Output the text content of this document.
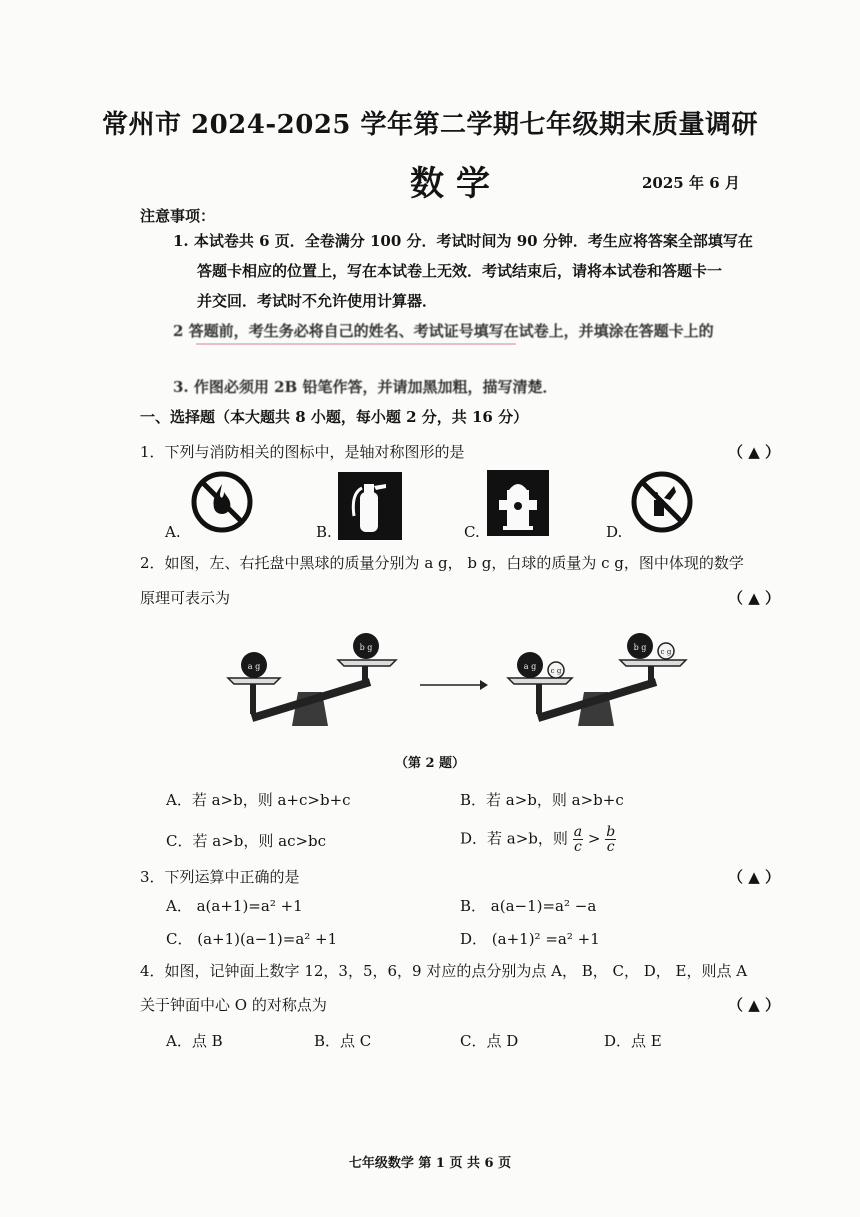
常州市 2024-2025 学年第二学期七年级期末质量调研
数学	2025 年 6 月
注意事项：
1. 本试卷共 6 页．全卷满分 100 分．考试时间为 90 分钟．考生应将答案全部填写在
答题卡相应的位置上，写在本试卷上无效．考试结束后，请将本试卷和答题卡一
并交回．考试时不允许使用计算器．
2 答题前，考生务必将自己的姓名、考试证号填写在试卷上，并填涂在答题卡上的
3. 作图必须用 2B 铅笔作答，并请加黑加粗，描写清楚．
一、选择题（本大题共 8 小题，每小题 2 分，共 16 分）
1．下列与消防相关的图标中，是轴对称图形的是	（ ▲ ）
A.	B.	C.	D.
2．如图，左、右托盘中黑球的质量分别为 a g， b g，白球的质量为 c g，图中体现的数学
原理可表示为	（ ▲ ）
a g
b g
a g c g
b g c g
（第 2 题）
A．若 a>b，则 a+c>b+c	B．若 a>b，则 a>b+c
C．若 a>b，则 ac>bc	D．若 a>b，则 $\frac{a}{c} > \frac{b}{c}$
3．下列运算中正确的是	（ ▲ ）
A． a(a+1)=a² +1	B． a(a−1)=a² −a
C． (a+1)(a−1)=a² +1	D． (a+1)² =a² +1
4．如图，记钟面上数字 12，3，5，6，9 对应的点分别为点 A， B， C， D， E，则点 A
关于钟面中心 O 的对称点为	（ ▲ ）
A．点 B	B．点 C	C．点 D	D．点 E
七年级数学 第 1 页 共 6 页
